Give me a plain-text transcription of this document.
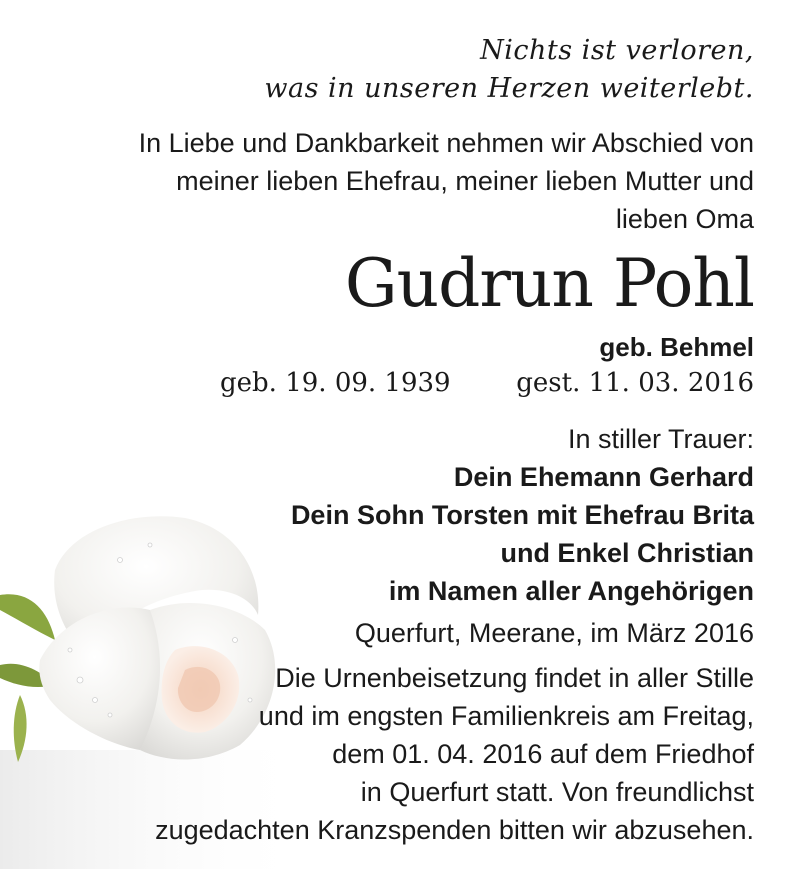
Nichts ist verloren,
was in unseren Herzen weiterlebt.
In Liebe und Dankbarkeit nehmen wir Abschied von
meiner lieben Ehefrau, meiner lieben Mutter und
lieben Oma
Gudrun Pohl
geb. Behmel
geb. 19. 09. 1939	gest. 11. 03. 2016
In stiller Trauer:
Dein Ehemann Gerhard
Dein Sohn Torsten mit Ehefrau Brita
und Enkel Christian
im Namen aller Angehörigen
Querfurt, Meerane, im März 2016
Die Urnenbeisetzung findet in aller Stille
und im engsten Familienkreis am Freitag,
dem 01. 04. 2016 auf dem Friedhof
in Querfurt statt. Von freundlichst
zugedachten Kranzspenden bitten wir abzusehen.
